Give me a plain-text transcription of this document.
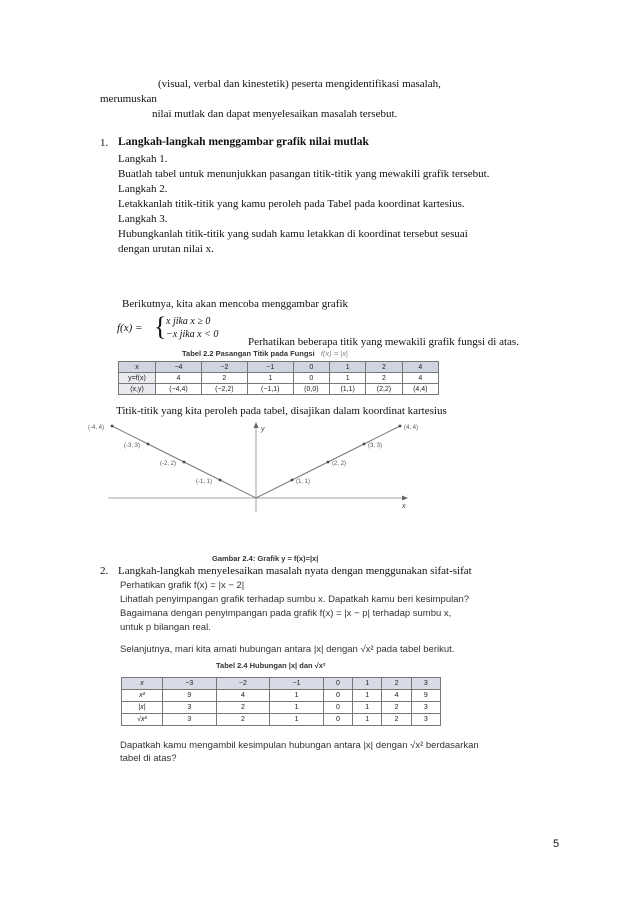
(visual, verbal dan kinestetik) peserta mengidentifikasi masalah,
merumuskan
nilai mutlak dan dapat menyelesaikan masalah tersebut.
1. Langkah-langkah menggambar grafik nilai mutlak
Langkah 1.
Buatlah tabel untuk menunjukkan pasangan titik-titik yang mewakili grafik tersebut.
Langkah 2.
Letakkanlah titik-titik yang kamu peroleh pada Tabel pada koordinat kartesius.
Langkah 3.
Hubungkanlah titik-titik yang sudah kamu letakkan di koordinat tersebut sesuai
dengan urutan nilai x.
Berikutnya, kita akan mencoba menggambar grafik
f(x) = { x jika x ≥ 0
−x jika x < 0
Perhatikan beberapa titik yang mewakili grafik fungsi di atas.
Tabel 2.2 Pasangan Titik pada Fungsi f(x) = |x|
x	−4	−2	−1	0	1	2	4
y=f(x)	4	2	1	0	1	2	4
(x,y)	(−4,4)	(−2,2)	(−1,1)	(0,0)	(1,1)	(2,2)	(4,4)
Titik-titik yang kita peroleh pada tabel, disajikan dalam koordinat kartesius
y
x
(-4, 4)
(-3, 3)
(-2, 2)
(-1, 1)	(1, 1)
(2, 2)
(3, 3)
(4, 4)
Gambar 2.4: Grafik y = f(x)=|x|
2. Langkah-langkah menyelesaikan masalah nyata dengan menggunakan sifat-sifat
Perhatikan grafik f(x) = |x − 2|
Lihatlah penyimpangan grafik terhadap sumbu x. Dapatkah kamu beri kesimpulan?
Bagaimana dengan penyimpangan pada grafik f(x) = |x − p| terhadap sumbu x,
untuk p bilangan real.
Selanjutnya, mari kita amati hubungan antara |x| dengan √x² pada tabel berikut.
Tabel 2.4 Hubungan |x| dan √x²
x	−3	−2	−1	0	1	2	3
x²	9	4	1	0	1	4	9
|x|	3	2	1	0	1	2	3
√x²	3	2	1	0	1	2	3
Dapatkah kamu mengambil kesimpulan hubungan antara |x| dengan √x² berdasarkan
tabel di atas?
5
